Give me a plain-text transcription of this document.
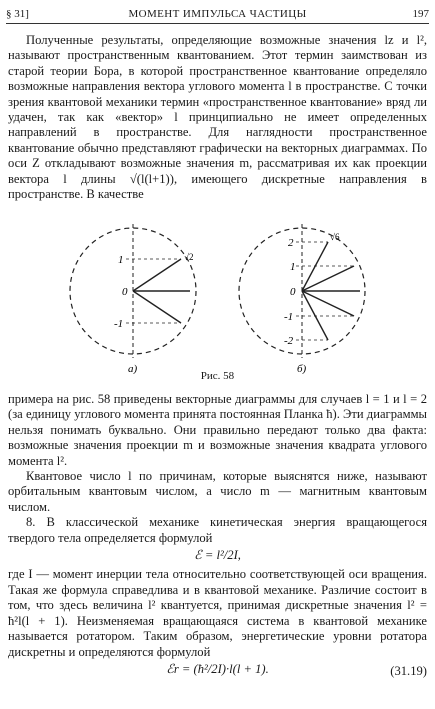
§ 31]	МОМЕНТ ИМПУЛЬСА ЧАСТИЦЫ	197

Полученные результаты, определяющие возможные значения lz и l², называют пространственным квантованием. Этот термин заимствован из старой теории Бора, в которой пространственное квантование определяло возможные направления вектора углового момента l в пространстве. С точки зрения квантовой механики термин «пространственное квантование» вряд ли удачен, так как «вектор» l принципиально не имеет определенных направлений в пространстве. Для наглядности пространственное квантование обычно представляют графически на векторных диаграммах. По оси Z откладывают возможные значения m, рассматривая их как проекции вектора l длины √(l(l+1)), имеющего дискретные направления в пространстве. В качестве

1	√2
0
-1
а)
2	√6
1
0
-1
-2
б)
Рис. 58

примера на рис. 58 приведены векторные диаграммы для случаев l = 1 и l = 2 (за единицу углового момента принята постоянная Планка ħ). Эти диаграммы нельзя понимать буквально. Они правильно передают только два факта: возможные значения проекции m и возможные значения квадрата углового момента l².

Квантовое число l по причинам, которые выяснятся ниже, называют орбитальным квантовым числом, а число m — магнитным квантовым числом.

8. В классической механике кинетическая энергия вращающегося твердого тела определяется формулой

ℰ = l²/2I,

где I — момент инерции тела относительно соответствующей оси вращения. Такая же формула справедлива и в квантовой механике. Различие состоит в том, что здесь величина l² квантуется, принимая дискретные значения l² = ħ²l(l + 1). Неизменяемая вращающаяся система в квантовой механике называется ротатором. Таким образом, энергетические уровни ротатора дискретны и определяются формулой

ℰr = (ħ²/2I)·l(l + 1).	(31.19)
